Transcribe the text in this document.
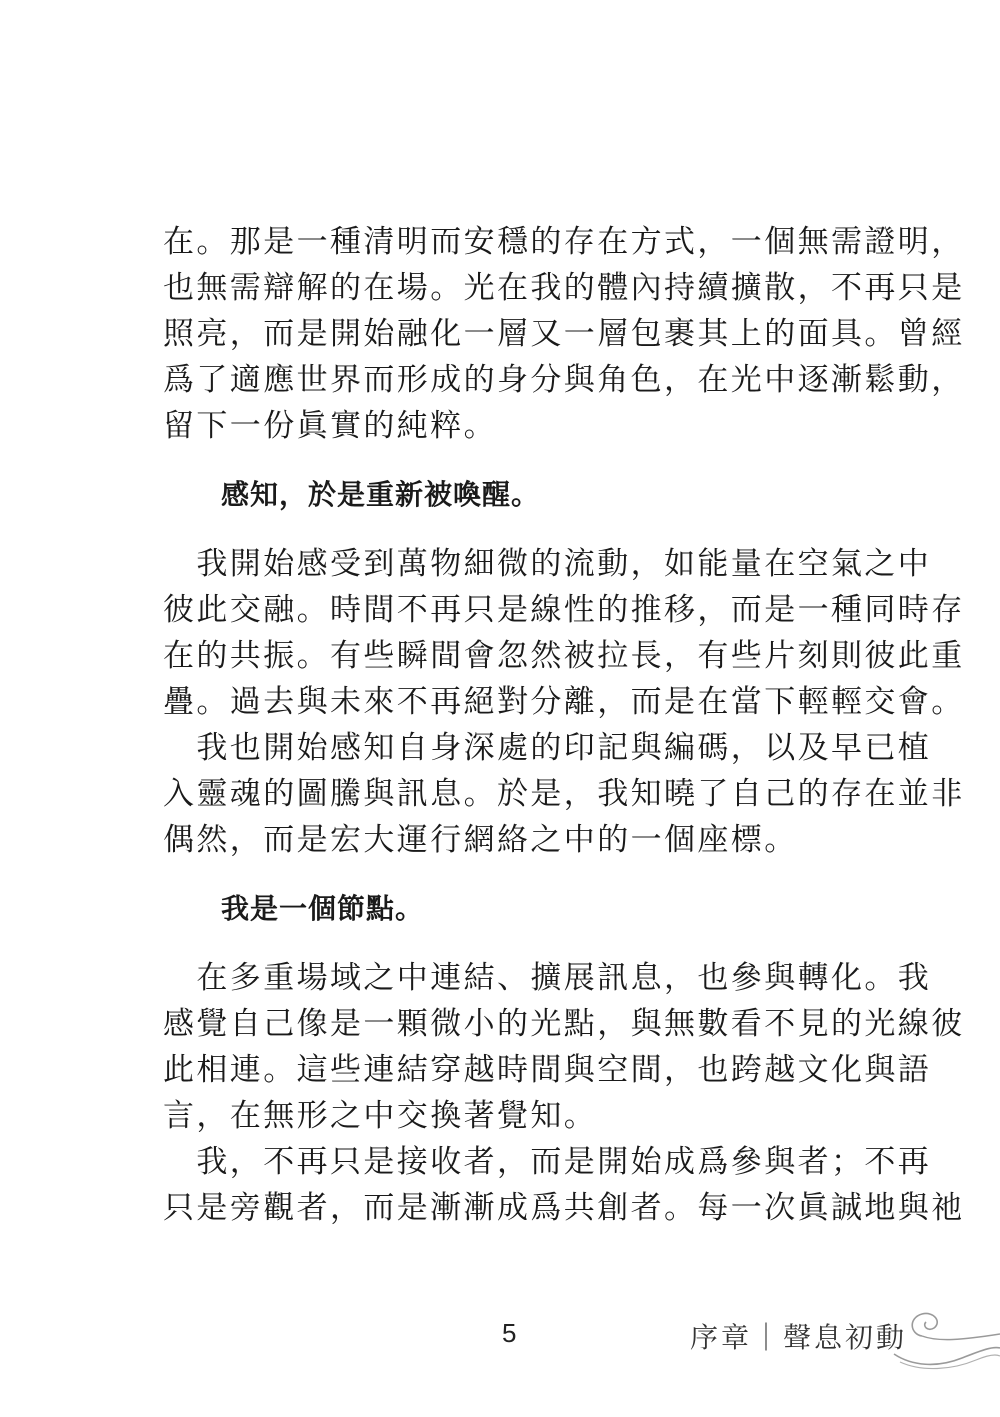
在。那是一種清明而安穩的存在方式，一個無需證明，
也無需辯解的在場。光在我的體內持續擴散，不再只是
照亮，而是開始融化一層又一層包裹其上的面具。曾經
爲了適應世界而形成的身分與角色，在光中逐漸鬆動，
留下一份眞實的純粹。
感知，於是重新被喚醒。
　我開始感受到萬物細微的流動，如能量在空氣之中
彼此交融。時間不再只是線性的推移，而是一種同時存
在的共振。有些瞬間會忽然被拉長，有些片刻則彼此重
疊。過去與未來不再絕對分離，而是在當下輕輕交會。
　我也開始感知自身深處的印記與編碼，以及早已植
入靈魂的圖騰與訊息。於是，我知曉了自己的存在並非
偶然，而是宏大運行網絡之中的一個座標。
我是一個節點。
　在多重場域之中連結、擴展訊息，也參與轉化。我
感覺自己像是一顆微小的光點，與無數看不見的光線彼
此相連。這些連結穿越時間與空間，也跨越文化與語
言，在無形之中交換著覺知。
　我，不再只是接收者，而是開始成爲參與者；不再
只是旁觀者，而是漸漸成爲共創者。每一次眞誠地與祂
5	序章｜聲息初動
